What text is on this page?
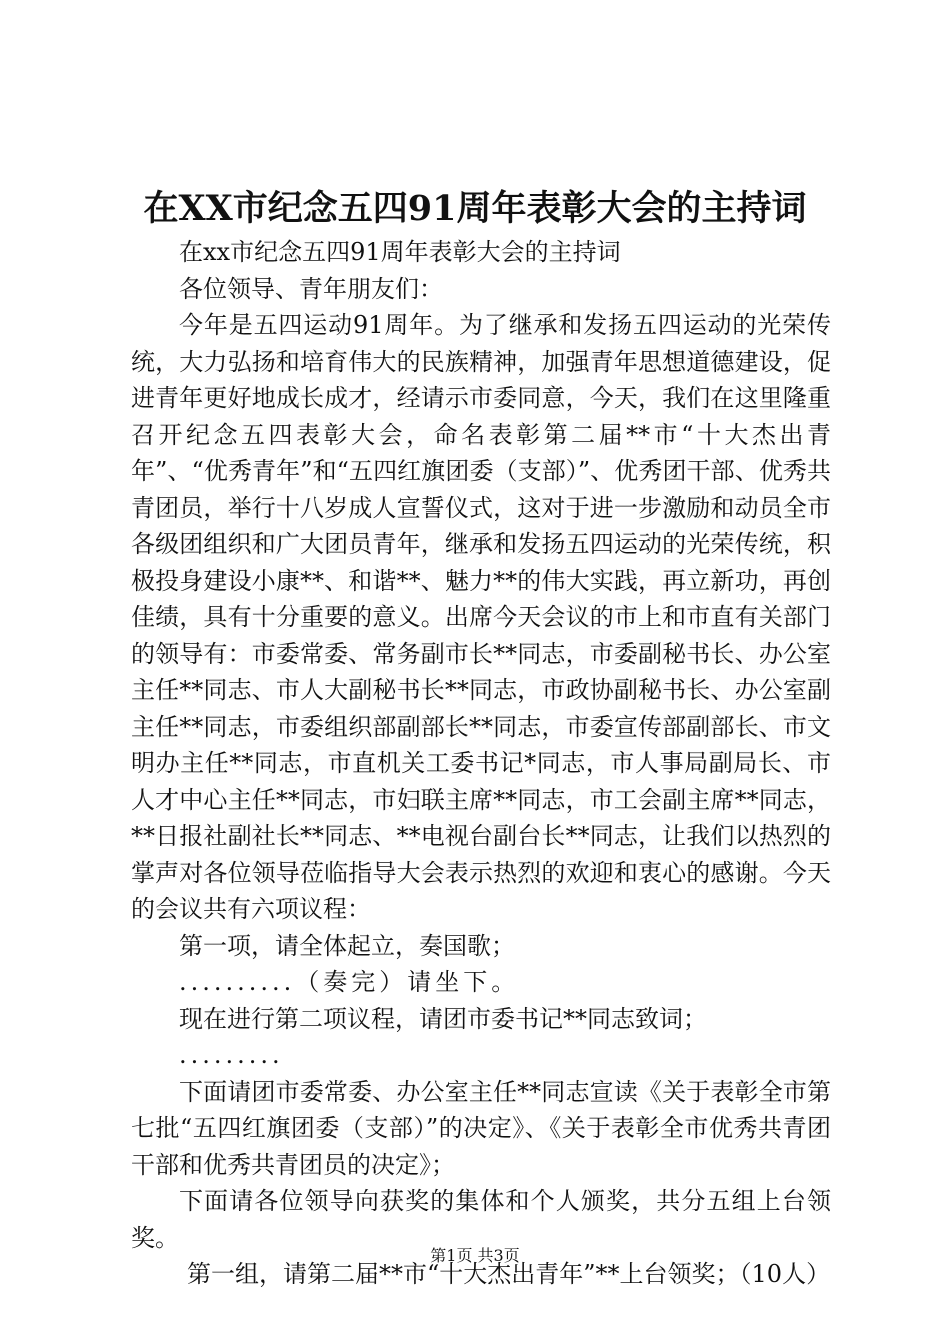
在XX市纪念五四91周年表彰大会的主持词

在xx市纪念五四91周年表彰大会的主持词

各位领导、青年朋友们：

今年是五四运动91周年。为了继承和发扬五四运动的光荣传统，大力弘扬和培育伟大的民族精神，加强青年思想道德建设，促进青年更好地成长成才，经请示市委同意，今天，我们在这里隆重召开纪念五四表彰大会，命名表彰第二届**市“十大杰出青年”、“优秀青年”和“五四红旗团委（支部）”、优秀团干部、优秀共青团员，举行十八岁成人宣誓仪式，这对于进一步激励和动员全市各级团组织和广大团员青年，继承和发扬五四运动的光荣传统，积极投身建设小康**、和谐**、魅力**的伟大实践，再立新功，再创佳绩，具有十分重要的意义。出席今天会议的市上和市直有关部门的领导有：市委常委、常务副市长**同志，市委副秘书长、办公室主任**同志、市人大副秘书长**同志，市政协副秘书长、办公室副主任**同志，市委组织部副部长**同志，市委宣传部副部长、市文明办主任**同志，市直机关工委书记*同志，市人事局副局长、市人才中心主任**同志，市妇联主席**同志，市工会副主席**同志，**日报社副社长**同志、**电视台副台长**同志，让我们以热烈的掌声对各位领导莅临指导大会表示热烈的欢迎和衷心的感谢。今天的会议共有六项议程：

第一项，请全体起立，奏国歌；

..........（奏完）请坐下。

现在进行第二项议程，请团市委书记**同志致词；

.........

下面请团市委常委、办公室主任**同志宣读《关于表彰全市第七批“五四红旗团委（支部）”的决定》、《关于表彰全市优秀共青团干部和优秀共青团员的决定》；

下面请各位领导向获奖的集体和个人颁奖，共分五组上台领奖。

第一组，请第二届**市“十大杰出青年”**上台领奖；（10人）

第1页 共3页
